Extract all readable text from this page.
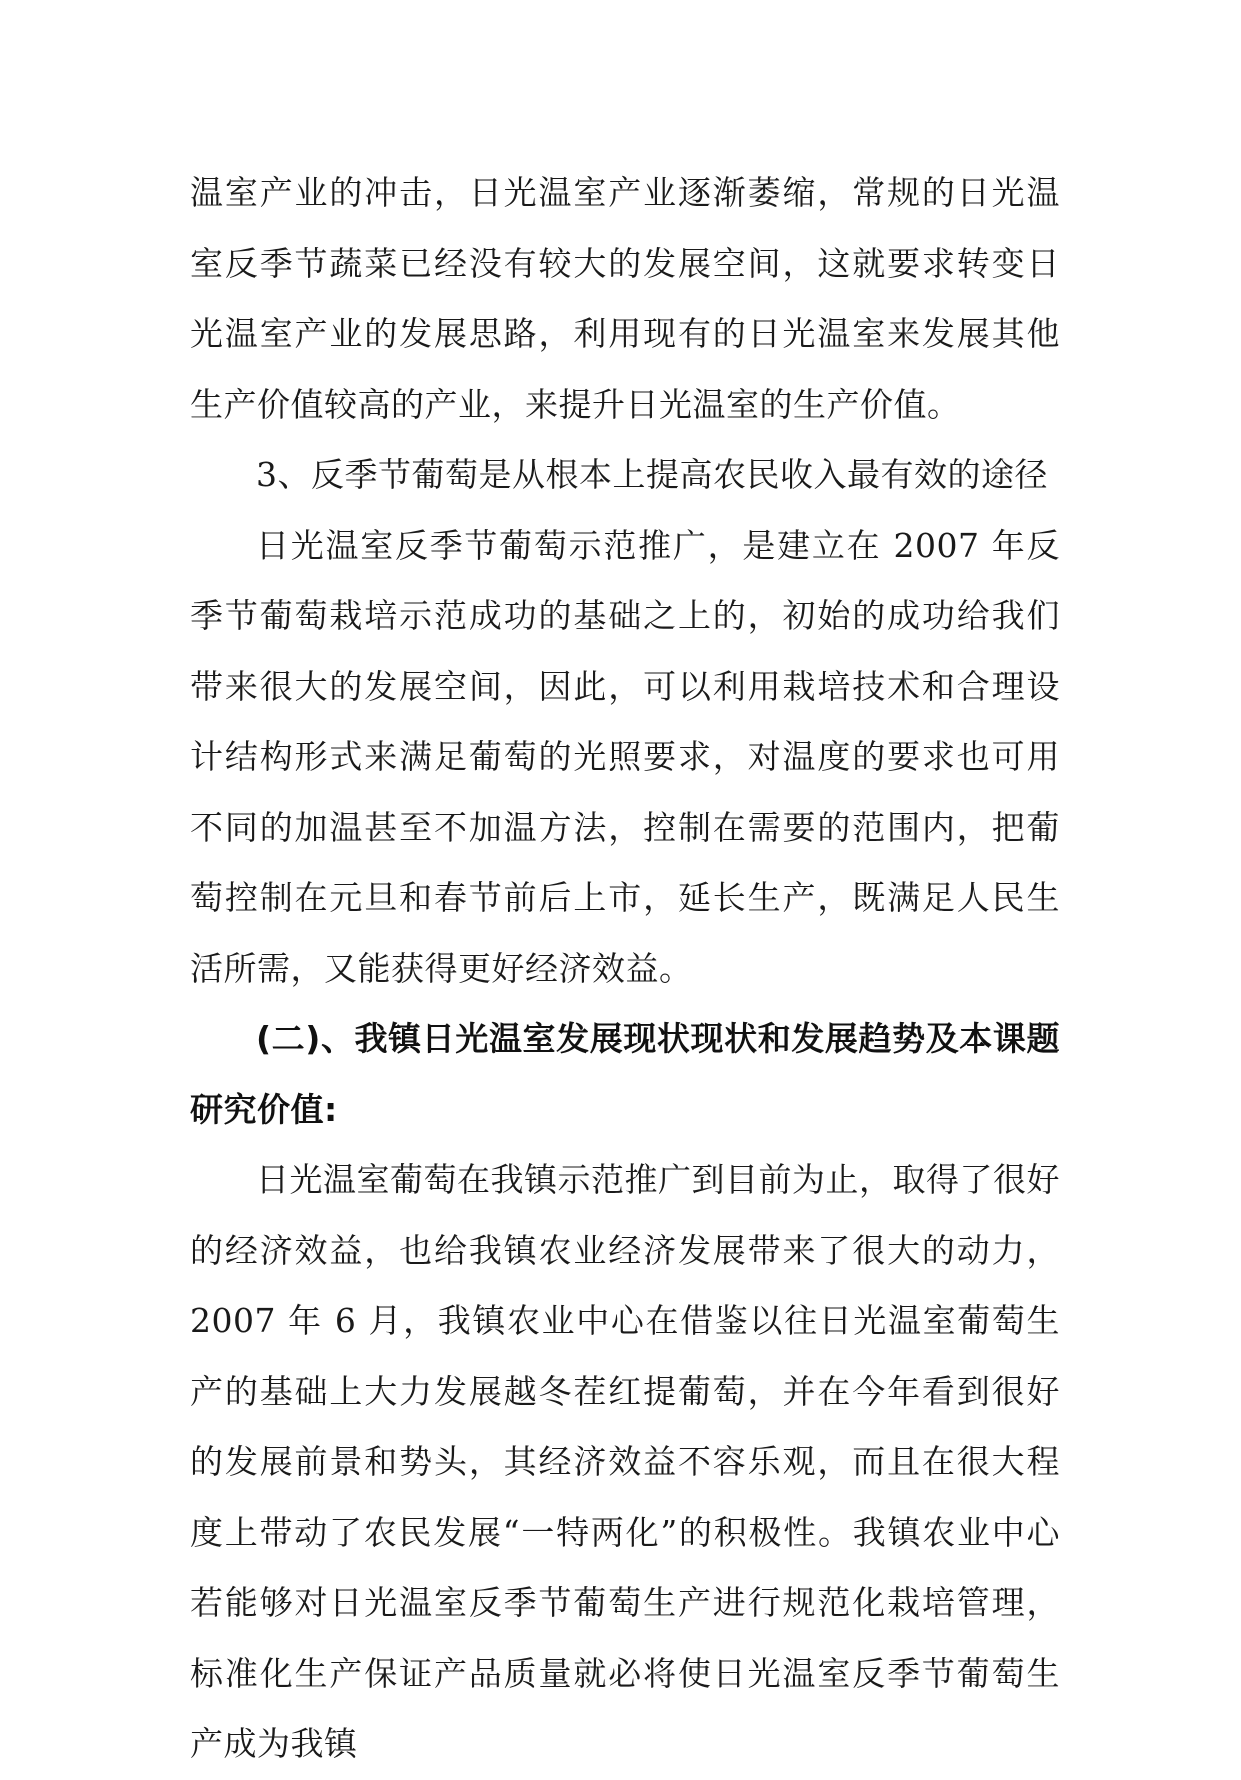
温室产业的冲击，日光温室产业逐渐萎缩，常规的日光温室反季节蔬菜已经没有较大的发展空间，这就要求转变日光温室产业的发展思路，利用现有的日光温室来发展其他生产价值较高的产业，来提升日光温室的生产价值。

3、反季节葡萄是从根本上提高农民收入最有效的途径

日光温室反季节葡萄示范推广，是建立在 2007 年反季节葡萄栽培示范成功的基础之上的，初始的成功给我们带来很大的发展空间，因此，可以利用栽培技术和合理设计结构形式来满足葡萄的光照要求，对温度的要求也可用不同的加温甚至不加温方法，控制在需要的范围内，把葡萄控制在元旦和春节前后上市，延长生产，既满足人民生活所需，又能获得更好经济效益。

(二)、我镇日光温室发展现状现状和发展趋势及本课题研究价值:

日光温室葡萄在我镇示范推广到目前为止，取得了很好的经济效益，也给我镇农业经济发展带来了很大的动力，2007 年 6 月，我镇农业中心在借鉴以往日光温室葡萄生产的基础上大力发展越冬茬红提葡萄，并在今年看到很好的发展前景和势头，其经济效益不容乐观，而且在很大程度上带动了农民发展“一特两化”的积极性。我镇农业中心若能够对日光温室反季节葡萄生产进行规范化栽培管理，标准化生产保证产品质量就必将使日光温室反季节葡萄生产成为我镇
